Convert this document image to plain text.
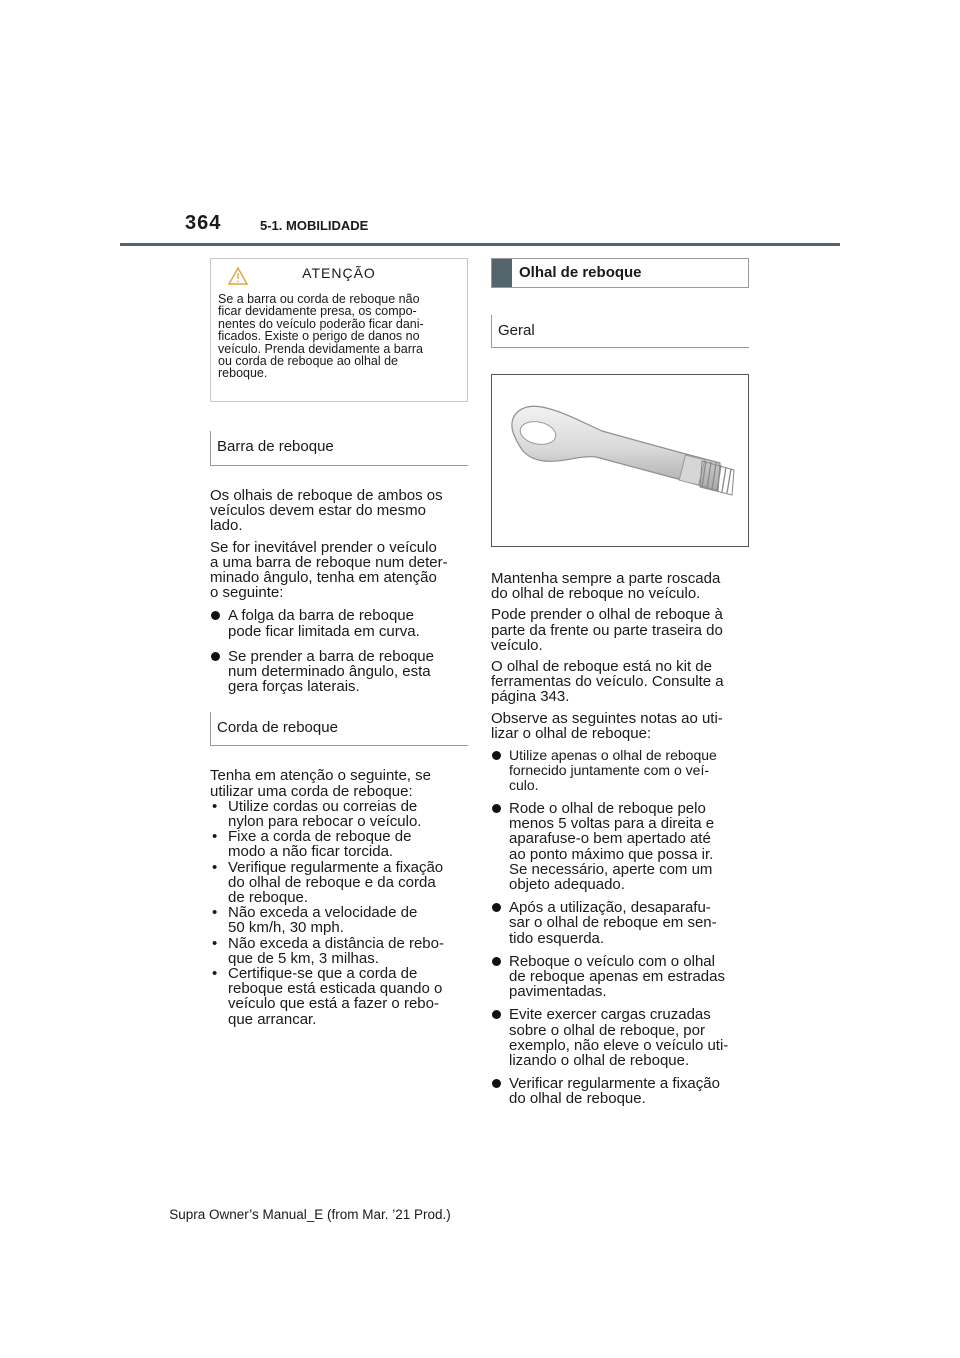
364	5-1. MOBILIDADE
ATENÇÃO
Se a barra ou corda de reboque não
ficar devidamente presa, os compo-
nentes do veículo poderão ficar dani-
ficados. Existe o perigo de danos no
veículo. Prenda devidamente a barra
ou corda de reboque ao olhal de
reboque.
Barra de reboque

Os olhais de reboque de ambos os
veículos devem estar do mesmo
lado.

Se for inevitável prender o veículo
a uma barra de reboque num deter-
minado ângulo, tenha em atenção
o seguinte:

A folga da barra de reboque
pode ficar limitada em curva.
Se prender a barra de reboque
num determinado ângulo, esta
gera forças laterais.
Corda de reboque

Tenha em atenção o seguinte, se
utilizar uma corda de reboque:

• Utilize cordas ou correias de
nylon para rebocar o veículo.
• Fixe a corda de reboque de
modo a não ficar torcida.
• Verifique regularmente a fixação
do olhal de reboque e da corda
de reboque.
• Não exceda a velocidade de
50 km/h, 30 mph.
• Não exceda a distância de rebo-
que de 5 km, 3 milhas.
• Certifique-se que a corda de
reboque está esticada quando o
veículo que está a fazer o rebo-
que arrancar.
Olhal de reboque
Geral

Mantenha sempre a parte roscada
do olhal de reboque no veículo.

Pode prender o olhal de reboque à
parte da frente ou parte traseira do
veículo.

O olhal de reboque está no kit de
ferramentas do veículo. Consulte a
página 343.

Observe as seguintes notas ao uti-
lizar o olhal de reboque:

Utilize apenas o olhal de reboque
fornecido juntamente com o veí-
culo.
Rode o olhal de reboque pelo
menos 5 voltas para a direita e
aparafuse-o bem apertado até
ao ponto máximo que possa ir.
Se necessário, aperte com um
objeto adequado.
Após a utilização, desaparafu-
sar o olhal de reboque em sen-
tido esquerda.
Reboque o veículo com o olhal
de reboque apenas em estradas
pavimentadas.
Evite exercer cargas cruzadas
sobre o olhal de reboque, por
exemplo, não eleve o veículo uti-
lizando o olhal de reboque.
Verificar regularmente a fixação
do olhal de reboque.
Supra Owner’s Manual_E (from Mar. ’21 Prod.)
